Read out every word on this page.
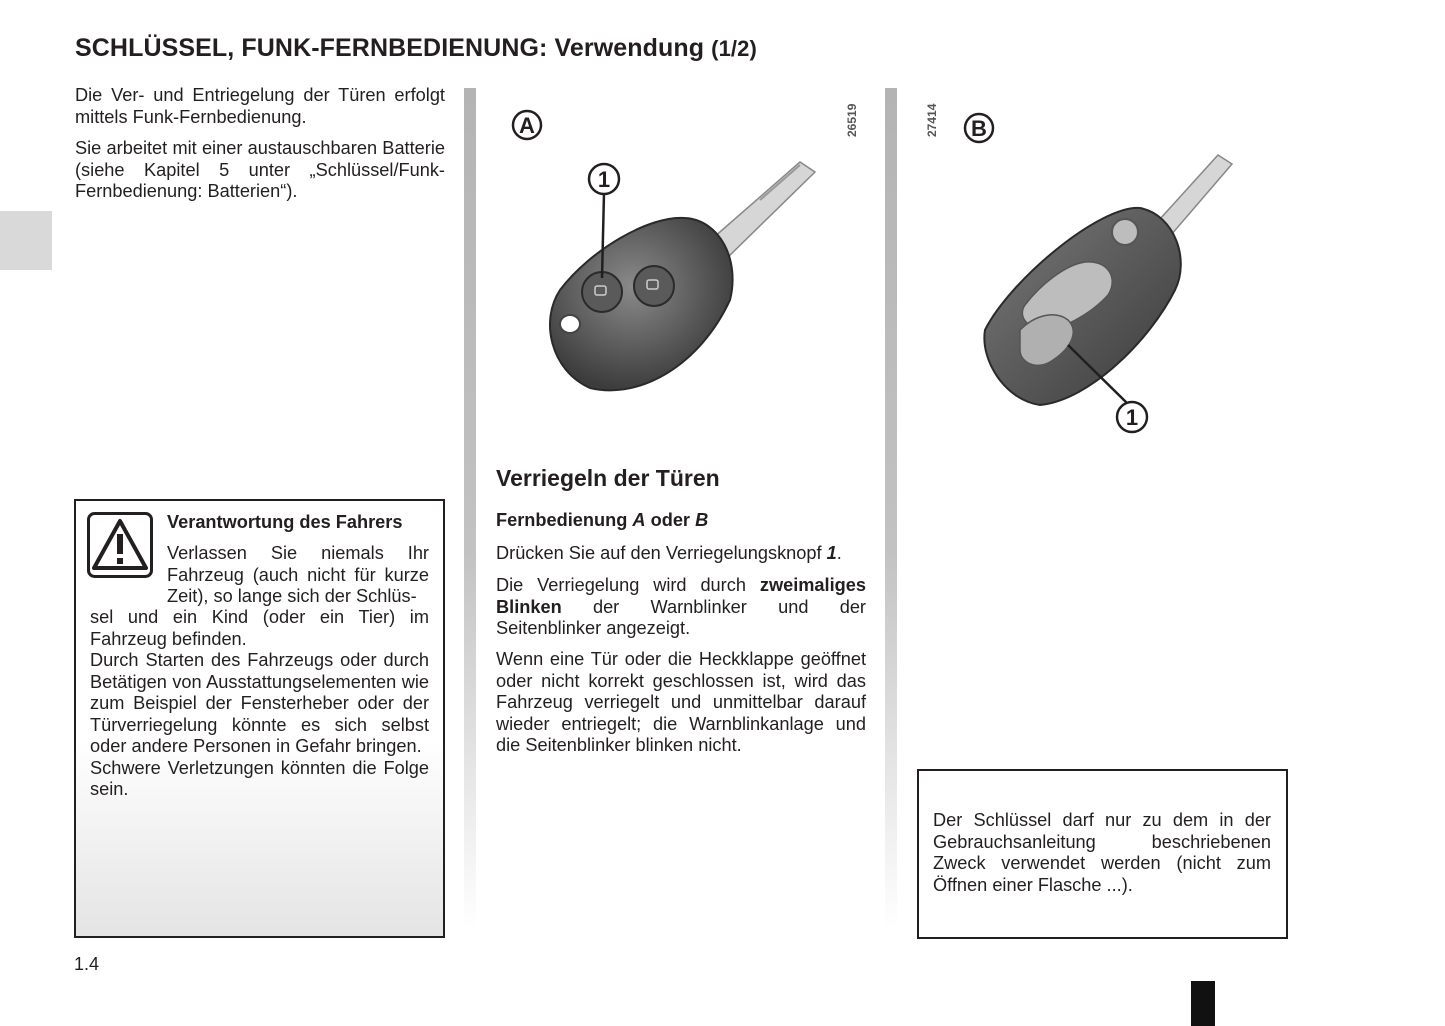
SCHLÜSSEL, FUNK-FERNBEDIENUNG: Verwendung (1/2)

Die Ver- und Entriegelung der Türen erfolgt mittels Funk-Fernbedienung.

Sie arbeitet mit einer austauschbaren Batterie (siehe Kapitel 5 unter „Schlüssel/Funk-Fernbedienung: Batterien“).

Verantwortung des Fahrers

Verlassen Sie niemals Ihr Fahrzeug (auch nicht für kurze Zeit), so lange sich der Schlüs-

sel und ein Kind (oder ein Tier) im Fahrzeug befinden.

Durch Starten des Fahrzeugs oder durch Betätigen von Ausstattungselementen wie zum Beispiel der Fensterheber oder der Türverriegelung könnte es sich selbst oder andere Personen in Gefahr bringen.

Schwere Verletzungen könnten die Folge sein.

A
1
26519	B
1
27414
Verriegeln der Türen
Fernbedienung A oder B

Drücken Sie auf den Verriegelungsknopf 1.

Die Verriegelung wird durch zweimaliges Blinken der Warnblinker und der Seitenblinker angezeigt.

Wenn eine Tür oder die Heckklappe geöffnet oder nicht korrekt geschlossen ist, wird das Fahrzeug verriegelt und unmittelbar darauf wieder entriegelt; die Warnblinkanlage und die Seitenblinker blinken nicht.

Der Schlüssel darf nur zu dem in der Gebrauchsanleitung beschriebenen Zweck verwendet werden (nicht zum Öffnen einer Flasche ...).

1.4
